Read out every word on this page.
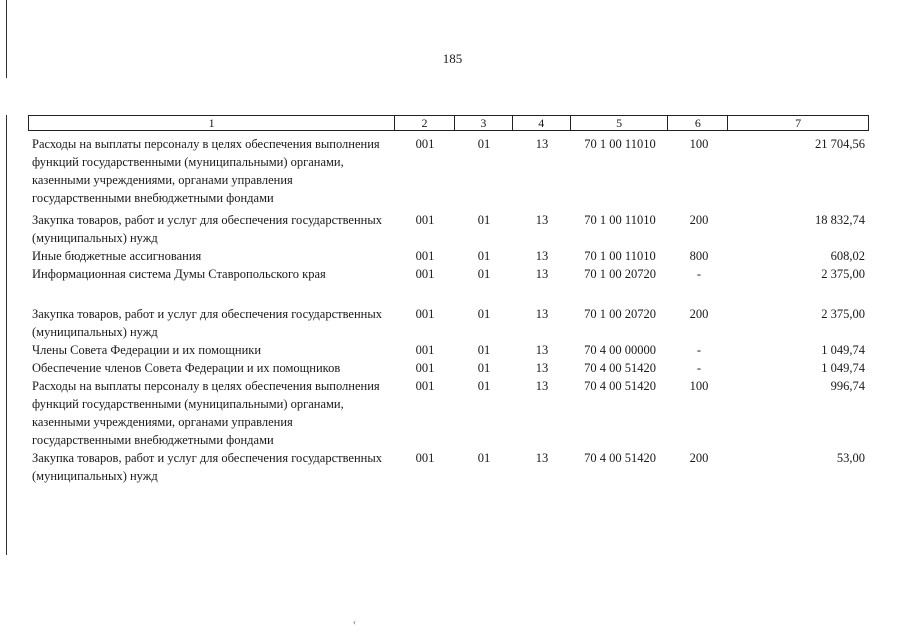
185
1	2	3	4	5	6	7
Расходы на выплаты персоналу в целях обеспечения выполнения функций государственными (муниципальными) органами, казенными учреждениями, органами управления государственными внебюджетными фондами
001	01	13	70 1 00 11010	100	21 704,56
Закупка товаров, работ и услуг для обеспечения государственных (муниципальных) нужд
001	01	13	70 1 00 11010	200	18 832,74
Иные бюджетные ассигнования	001	01	13	70 1 00 11010	800	608,02
Информационная система Думы Ставропольского края	001	01	13	70 1 00 20720	-	2 375,00
Закупка товаров, работ и услуг для обеспечения государственных (муниципальных) нужд
001	01	13	70 1 00 20720	200	2 375,00
Члены Совета Федерации и их помощники	001	01	13	70 4 00 00000	-	1 049,74
Обеспечение членов Совета Федерации и их помощников	001	01	13	70 4 00 51420	-	1 049,74
Расходы на выплаты персоналу в целях обеспечения выполнения функций государственными (муниципальными) органами, казенными учреждениями, органами управления государственными внебюджетными фондами
001	01	13	70 4 00 51420	100	996,74
Закупка товаров, работ и услуг для обеспечения государственных (муниципальных) нужд
001	01	13	70 4 00 51420	200	53,00
‹
